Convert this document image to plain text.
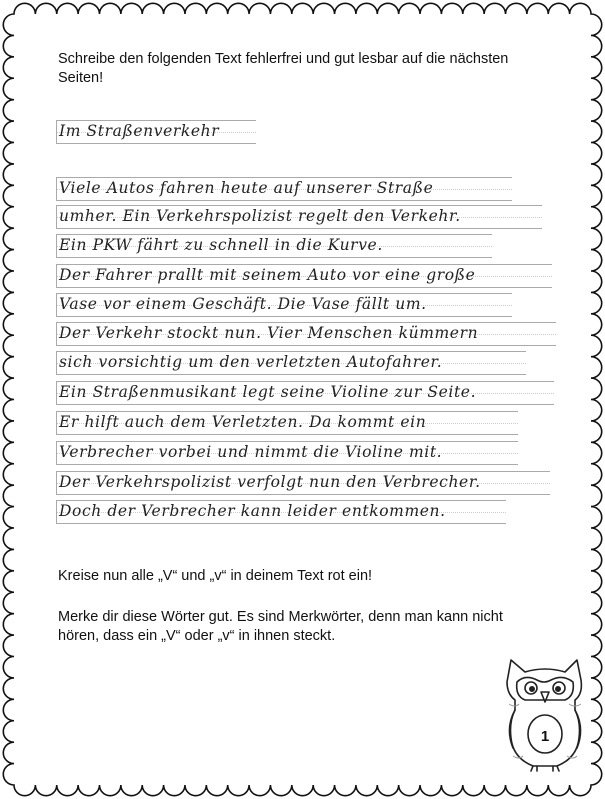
Schreibe den folgenden Text fehlerfrei und gut lesbar auf die nächsten Seiten!

Im Straßenverkehr
Viele Autos fahren heute auf unserer Straße
umher. Ein Verkehrspolizist regelt den Verkehr.
Ein PKW fährt zu schnell in die Kurve.
Der Fahrer prallt mit seinem Auto vor eine große
Vase vor einem Geschäft. Die Vase fällt um.
Der Verkehr stockt nun. Vier Menschen kümmern
sich vorsichtig um den verletzten Autofahrer.
Ein Straßenmusikant legt seine Violine zur Seite.
Er hilft auch dem Verletzten. Da kommt ein
Verbrecher vorbei und nimmt die Violine mit.
Der Verkehrspolizist verfolgt nun den Verbrecher.
Doch der Verbrecher kann leider entkommen.

Kreise nun alle „V“ und „v“ in deinem Text rot ein!

Merke dir diese Wörter gut. Es sind Merkwörter, denn man kann nicht hören, dass ein „V“ oder „v“ in ihnen steckt.

1
